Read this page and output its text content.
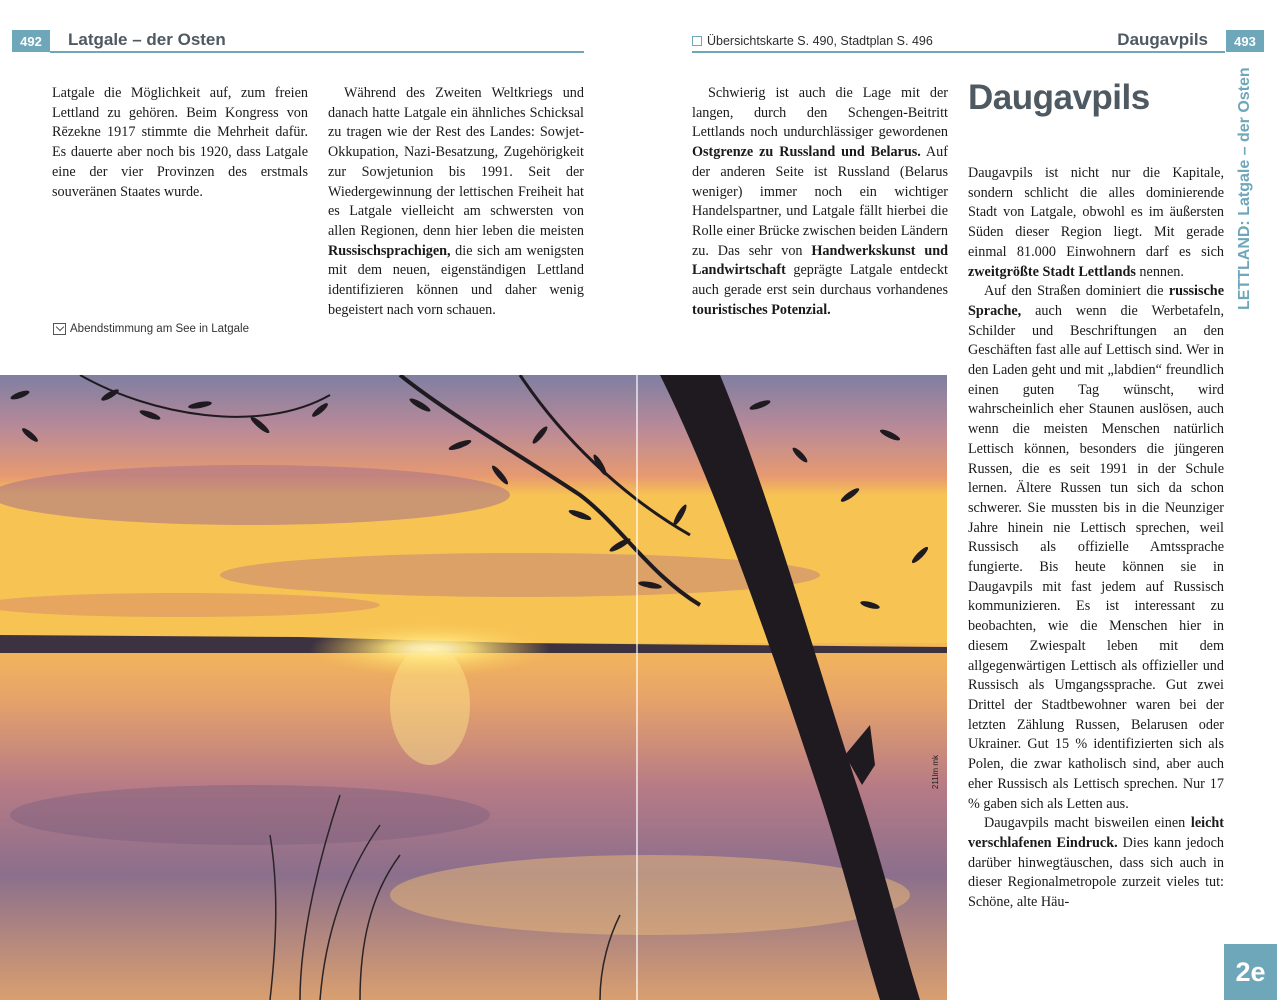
492	Latgale – der Osten	Übersichtskarte S. 490, Stadtplan S. 496	Daugavpils	493

Latgale die Möglichkeit auf, zum freien Lettland zu gehören. Beim Kongress von Rēzekne 1917 stimmte die Mehrheit dafür. Es dauerte aber noch bis 1920, dass Latgale eine der vier Provinzen des erstmals souveränen Staates wurde.

Abendstimmung am See in Latgale

Während des Zweiten Weltkriegs und danach hatte Latgale ein ähnliches Schicksal zu tragen wie der Rest des Landes: Sowjet-Okkupation, Nazi-Besatzung, Zugehörigkeit zur Sowjetunion bis 1991. Seit der Wiedergewinnung der lettischen Freiheit hat es Latgale vielleicht am schwersten von allen Regionen, denn hier leben die meisten Russischsprachigen, die sich am wenigsten mit dem neuen, eigenständigen Lettland identifizieren können und daher wenig begeistert nach vorn schauen.

Schwierig ist auch die Lage mit der langen, durch den Schengen-Beitritt Lettlands noch undurchlässiger gewordenen Ostgrenze zu Russland und Belarus. Auf der anderen Seite ist Russland (Belarus weniger) immer noch ein wichtiger Handelspartner, und Latgale fällt hierbei die Rolle einer Brücke zwischen beiden Ländern zu. Das sehr von Handwerkskunst und Landwirtschaft geprägte Latgale entdeckt auch gerade erst sein durchaus vorhandenes touristisches Potenzial.

Daugavpils

Daugavpils ist nicht nur die Kapitale, sondern schlicht die alles dominierende Stadt von Latgale, obwohl es im äußersten Süden dieser Region liegt. Mit gerade einmal 81.000 Einwohnern darf es sich zweitgrößte Stadt Lettlands nennen.

Auf den Straßen dominiert die russische Sprache, auch wenn die Werbetafeln, Schilder und Beschriftungen an den Geschäften fast alle auf Lettisch sind. Wer in den Laden geht und mit „labdien“ freundlich einen guten Tag wünscht, wird wahrscheinlich eher Staunen auslösen, auch wenn die meisten Menschen natürlich Lettisch können, besonders die jüngeren Russen, die es seit 1991 in der Schule lernen. Ältere Russen tun sich da schon schwerer. Sie mussten bis in die Neunziger Jahre hinein nie Lettisch sprechen, weil Russisch als offizielle Amtssprache fungierte. Bis heute können sie in Daugavpils mit fast jedem auf Russisch kommunizieren. Es ist interessant zu beobachten, wie die Menschen hier in diesem Zwiespalt leben mit dem allgegenwärtigen Lettisch als offizieller und Russisch als Umgangssprache. Gut zwei Drittel der Stadtbewohner waren bei der letzten Zählung Russen, Belarusen oder Ukrainer. Gut 15 % identifizierten sich als Polen, die zwar katholisch sind, aber auch eher Russisch als Lettisch sprechen. Nur 17 % gaben sich als Letten aus.

Daugavpils macht bisweilen einen leicht verschlafenen Eindruck. Dies kann jedoch darüber hinwegtäuschen, dass sich auch in dieser Regionalmetropole zurzeit vieles tut: Schöne, alte Häu-

LETTLAND: Latgale – der Osten
2e
211lm mk
